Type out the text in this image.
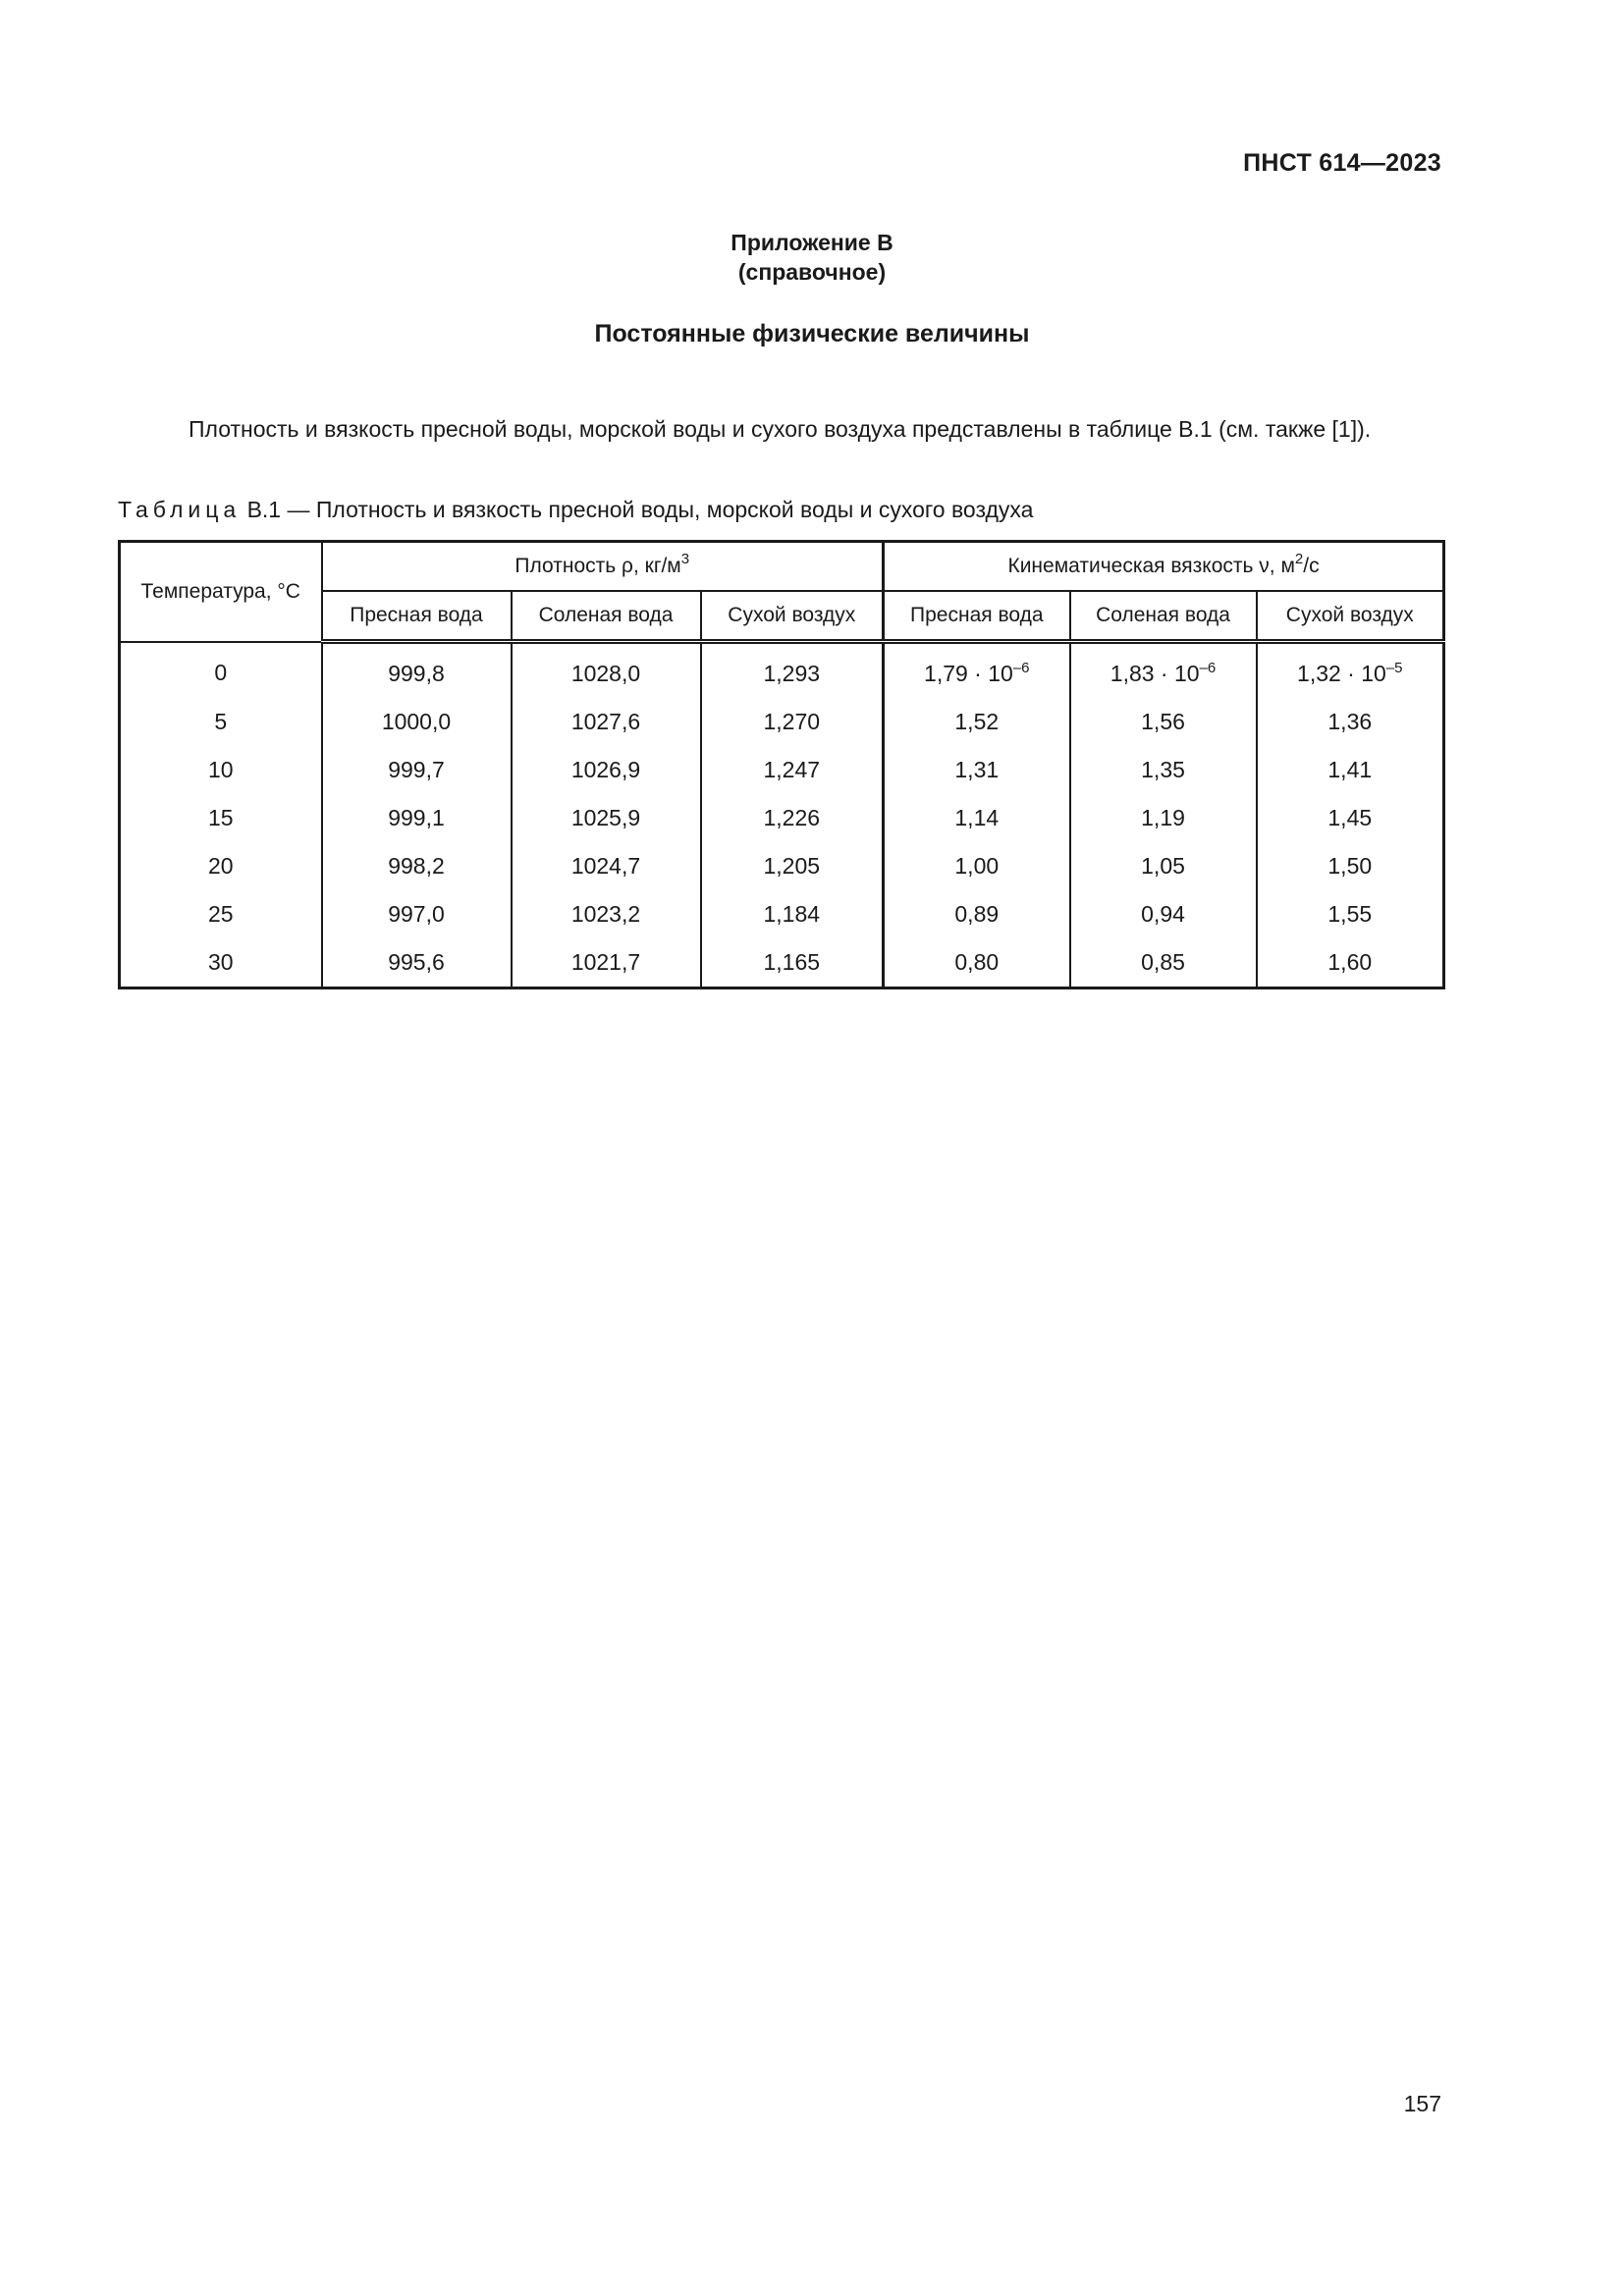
ПНСТ 614—2023
Приложение В
(справочное)
Постоянные физические величины

Плотность и вязкость пресной воды, морской воды и сухого воздуха представлены в таблице В.1 (см. также [1]).

Таблица В.1 — Плотность и вязкость пресной воды, морской воды и сухого воздуха
Температура, °С	Плотность ρ, $кг/м^3$			Кинематическая вязкость ν, $м^2/с$		
	Пресная вода	Соленая вода	Сухой воздух	Пресная вода	Соленая вода	Сухой воздух
0	999,8	1028,0	1,293	$1,79 \cdot 10^{-6}$	$1,83 \cdot 10^{-6}$	$1,32 \cdot 10^{-5}$
5	1000,0	1027,6	1,270	1,52	1,56	1,36
10	999,7	1026,9	1,247	1,31	1,35	1,41
15	999,1	1025,9	1,226	1,14	1,19	1,45
20	998,2	1024,7	1,205	1,00	1,05	1,50
25	997,0	1023,2	1,184	0,89	0,94	1,55
30	995,6	1021,7	1,165	0,80	0,85	1,60
157
